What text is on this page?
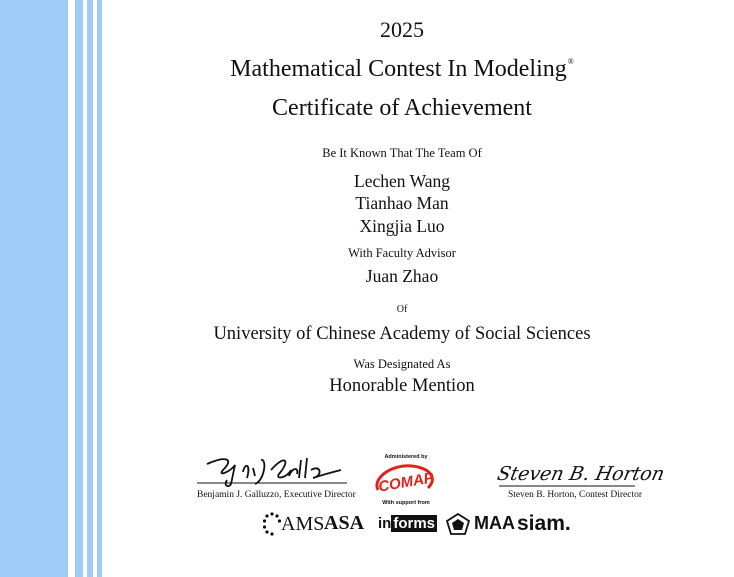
2025
Mathematical Contest In Modeling®
Certificate of Achievement
Be It Known That The Team Of
Lechen Wang
Tianhao Man
Xingjia Luo
With Faculty Advisor
Juan Zhao
Of
University of Chinese Academy of Social Sciences
Was Designated As
Honorable Mention
Benjamin J. Galluzzo, Executive Director
Administered by
COMAP
With support from
Steven B. Horton
Steven B. Horton, Contest Director
AMS ASA in forms MAA siam.
